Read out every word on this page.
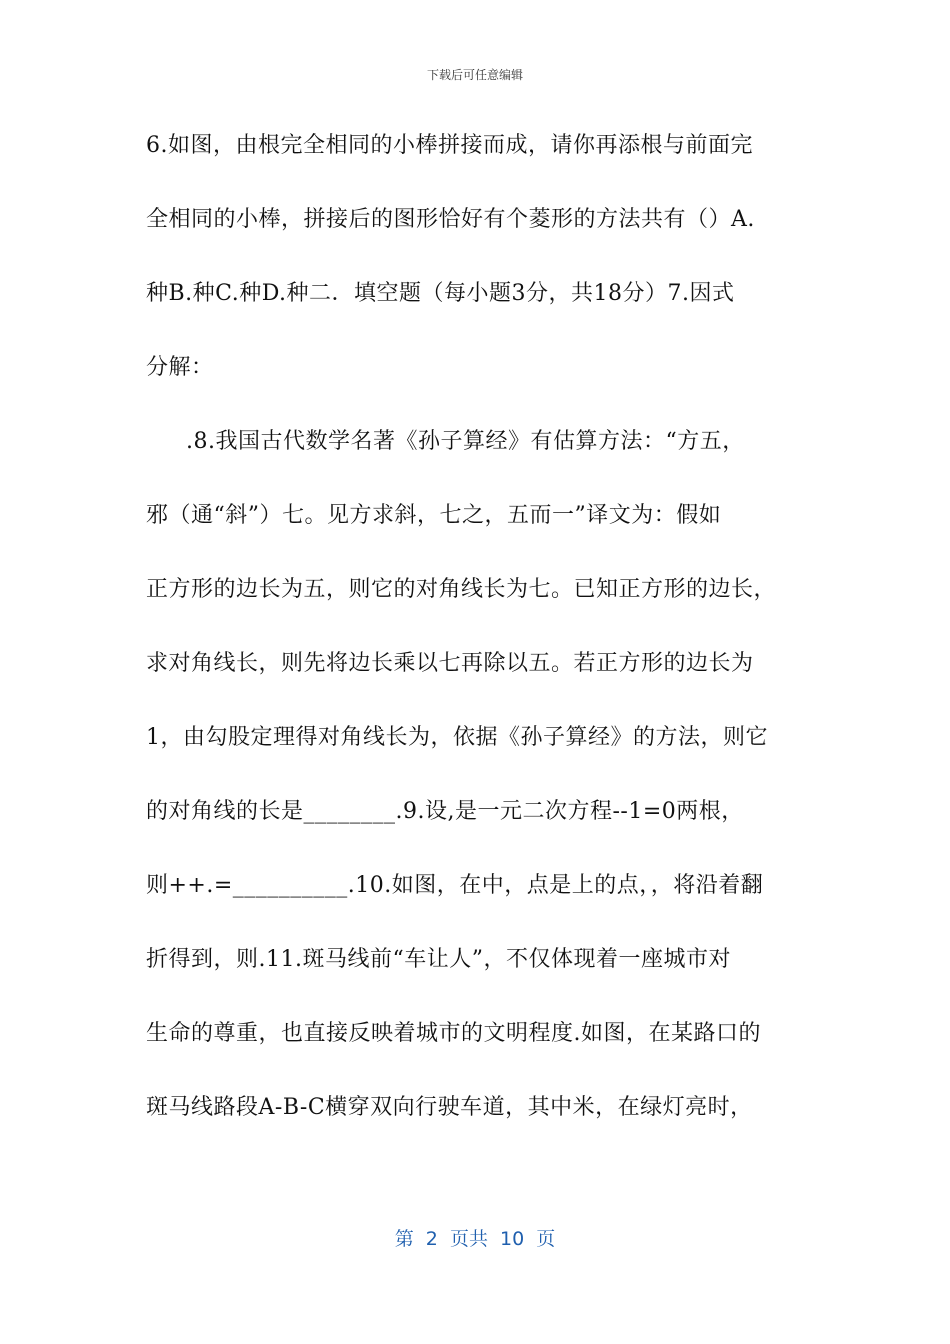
下载后可任意编辑
6.如图，由根完全相同的小棒拼接而成，请你再添根与前面完
全相同的小棒，拼接后的图形恰好有个菱形的方法共有（）A.
种B.种C.种D.种二．填空题（每小题3分，共18分）7.因式
分解：
.8.我国古代数学名著《孙子算经》有估算方法：“方五，
邪（通“斜”）七。见方求斜，七之，五而一”译文为：假如
正方形的边长为五，则它的对角线长为七。已知正方形的边长，
求对角线长，则先将边长乘以七再除以五。若正方形的边长为
1，由勾股定理得对角线长为，依据《孙子算经》的方法，则它
的对角线的长是________.9.设,是一元二次方程--1=0两根，
则++.=__________.10.如图，在中，点是上的点，，将沿着翻
折得到，则.11.斑马线前“车让人”，不仅体现着一座城市对
生命的尊重，也直接反映着城市的文明程度.如图，在某路口的
斑马线路段A-B-C横穿双向行驶车道，其中米，在绿灯亮时，
第  2  页共  10  页
